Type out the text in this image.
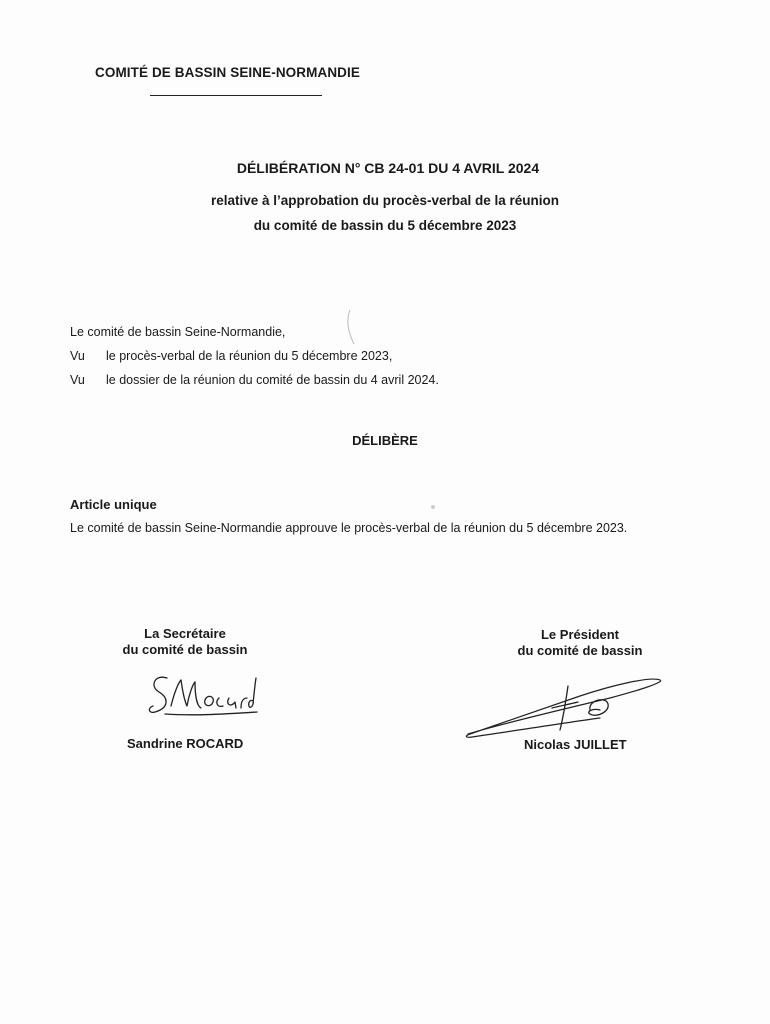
COMITÉ DE BASSIN SEINE-NORMANDIE
DÉLIBÉRATION N° CB 24-01 DU 4 AVRIL 2024
relative à l’approbation du procès-verbal de la réunion
du comité de bassin du 5 décembre 2023
Le comité de bassin Seine-Normandie,
Vu le procès-verbal de la réunion du 5 décembre 2023,
Vu le dossier de la réunion du comité de bassin du 4 avril 2024.
DÉLIBÈRE
Article unique
Le comité de bassin Seine-Normandie approuve le procès-verbal de la réunion du 5 décembre 2023.
La Secrétaire
du comité de bassin
Le Président
du comité de bassin
Sandrine ROCARD	Nicolas JUILLET
